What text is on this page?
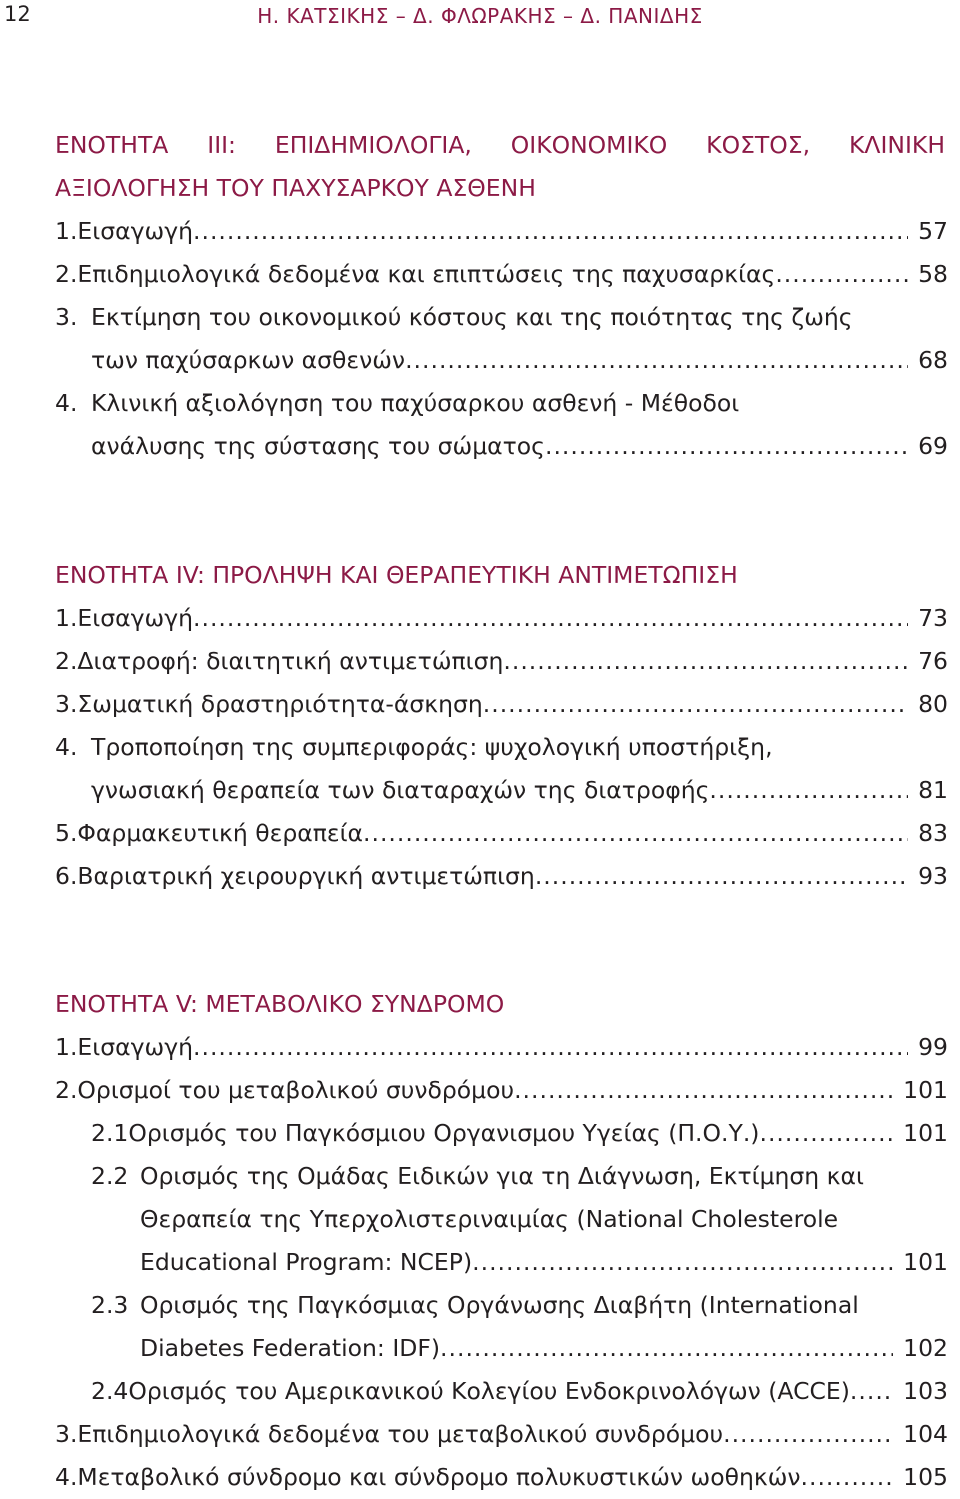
12	Η. ΚΑΤΣΙΚΗΣ – Δ. ΦΛΩΡΑΚΗΣ – Δ. ΠΑΝΙΔΗΣ
ΕΝΟΤΗΤΑ ΙΙΙ: ΕΠΙΔΗΜΙΟΛΟΓΙΑ, ΟΙΚΟΝΟΜΙΚΟ ΚΟΣΤΟΣ, ΚΛΙΝΙΚΗ
ΑΞΙΟΛΟΓΗΣΗ ΤΟΥ ΠΑΧΥΣΑΡΚΟΥ ΑΣΘΕΝΗ
ΕΝΟΤΗΤΑ IV: ΠΡΟΛΗΨΗ ΚΑΙ ΘΕΡΑΠΕΥΤΙΚΗ ΑΝΤΙΜΕΤΩΠΙΣΗ
ΕΝΟΤΗΤΑ V: ΜΕΤΑΒΟΛΙΚΟ ΣΥΝΔΡΟΜΟ
1. Εισαγωγή .....	57
2. Επιδημιολογικά δεδομένα και επιπτώσεις της παχυσαρκίας .....	58
3. Εκτίμηση του οικονομικού κόστους και της ποιότητας της ζωής
των παχύσαρκων ασθενών .....	68
4. Κλινική αξιολόγηση του παχύσαρκου ασθενή - Μέθοδοι
ανάλυσης της σύστασης του σώματος .....	69
1. Εισαγωγή .....	73
2. Διατροφή: διαιτητική αντιμετώπιση .....	76
3. Σωματική δραστηριότητα-άσκηση .....	80
4. Τροποποίηση της συμπεριφοράς: ψυχολογική υποστήριξη,
γνωσιακή θεραπεία των διαταραχών της διατροφής .....	81
5. Φαρμακευτική θεραπεία .....	83
6. Βαριατρική χειρουργική αντιμετώπιση .....	93
1. Εισαγωγή .....	99
2. Ορισμοί του μεταβολικού συνδρόμου .....	101
2.1 Ορισμός του Παγκόσμιου Οργανισμου Υγείας (Π.Ο.Υ.) .....	101
2.2 Ορισμός της Ομάδας Ειδικών για τη Διάγνωση, Εκτίμηση και
Θεραπεία της Υπερχολιστεριναιμίας (National Cholesterole
Educational Program: NCEP) .....	101
2.3 Ορισμός της Παγκόσμιας Οργάνωσης Διαβήτη (International
Diabetes Federation: IDF) .....	102
2.4 Ορισμός του Αμερικανικού Κολεγίου Ενδοκρινολόγων (ACCE) .....	103
3. Επιδημιολογικά δεδομένα του μεταβολικού συνδρόμου .....	104
4. Μεταβολικό σύνδρομο και σύνδρομο πολυκυστικών ωοθηκών .....	105
